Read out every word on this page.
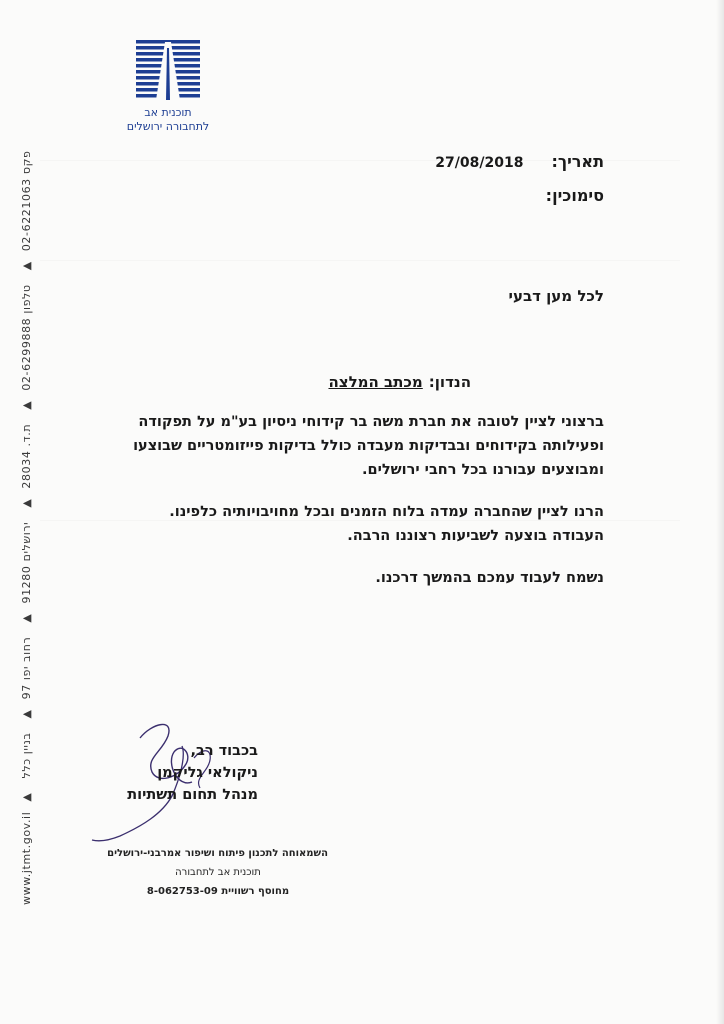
תוכנית אב
לתחבורה ירושלים
www.jtmt.gov.il▲ פקס 02-6221063▲ טלפון 02-6299888▲ ת.ד. 28034▲ ירושלים 91280▲ רחוב יפו 97▲ בניין כלל
תאריך:27/08/2018
סימוכין:
לכל מען דבעי
הנדון:מכתב המלצה
ברצוני לציין לטובה את חברת משה בר קידוחי ניסיון בע"מ על תפקודה
ופעילותה בקידוחים ובבדיקות מעבדה כולל בדיקות פייזומטריים שבוצעו
ומבוצעים עבורנו בכל רחבי ירושלים.
הרנו לציין שהחברה עמדה בלוח הזמנים ובכל מחויבויותיה כלפינו.
העבודה בוצעה לשביעות רצוננו הרבה.
נשמח לעבוד עמכם בהמשך דרכנו.
בכבוד רב,
ניקולאי גליקמן
מנהל תחום תשתיות
השמאוחה לתכנון פיתוח ושיפור אמרבני-ירושלים
תוכנית אב לתחבורה
מחוסף רשוויית 8-062753-09
